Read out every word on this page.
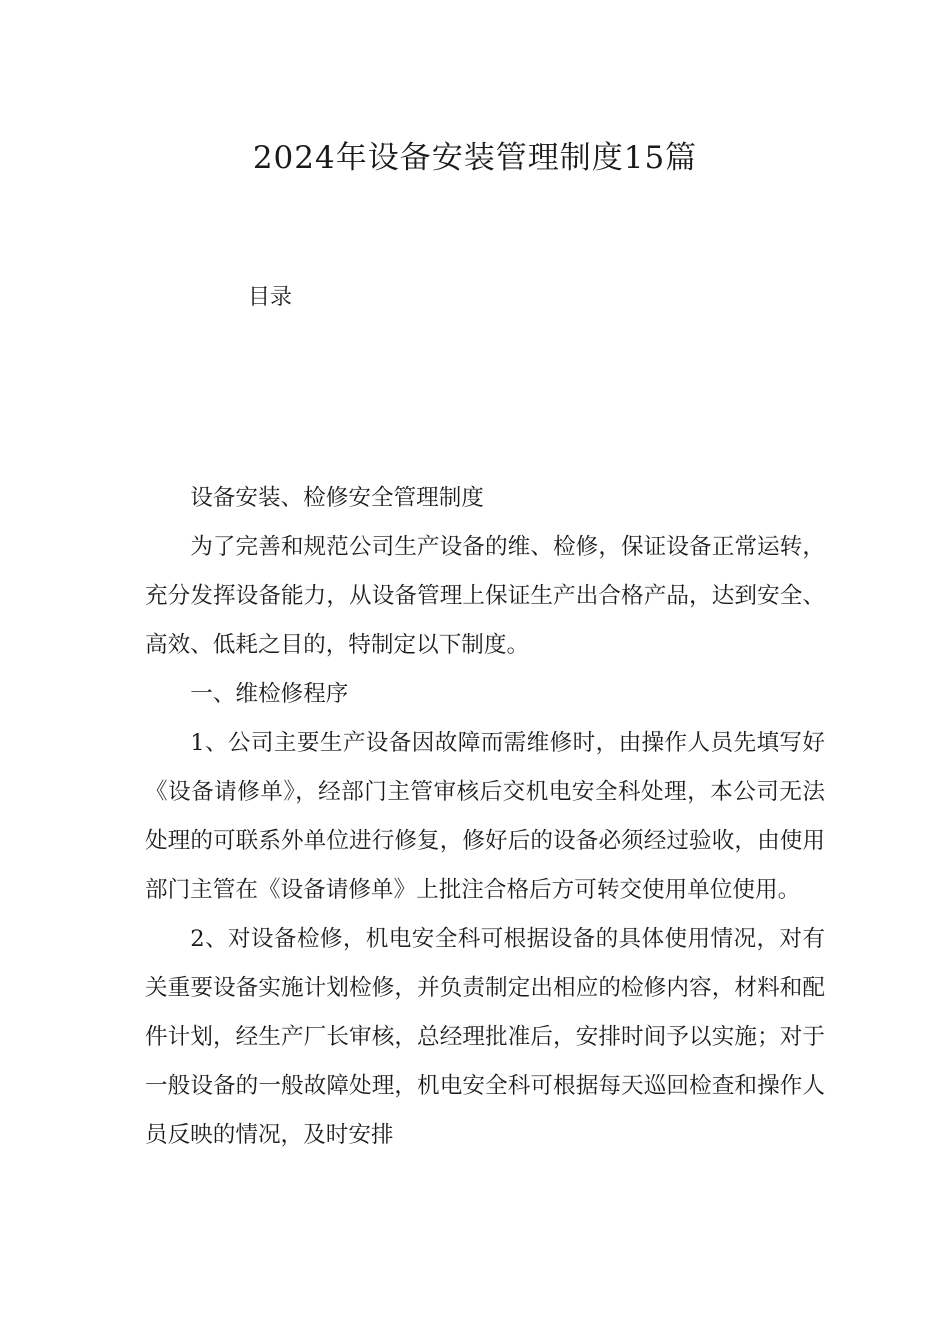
2024年设备安装管理制度15篇
目录

设备安装、检修安全管理制度

为了完善和规范公司生产设备的维、检修，保证设备正常运转，充分发挥设备能力，从设备管理上保证生产出合格产品，达到安全、高效、低耗之目的，特制定以下制度。

一、维检修程序

1、公司主要生产设备因故障而需维修时，由操作人员先填写好《设备请修单》，经部门主管审核后交机电安全科处理，本公司无法处理的可联系外单位进行修复，修好后的设备必须经过验收，由使用部门主管在《设备请修单》上批注合格后方可转交使用单位使用。

2、对设备检修，机电安全科可根据设备的具体使用情况，对有关重要设备实施计划检修，并负责制定出相应的检修内容，材料和配件计划，经生产厂长审核，总经理批准后，安排时间予以实施；对于一般设备的一般故障处理，机电安全科可根据每天巡回检查和操作人员反映的情况，及时安排
